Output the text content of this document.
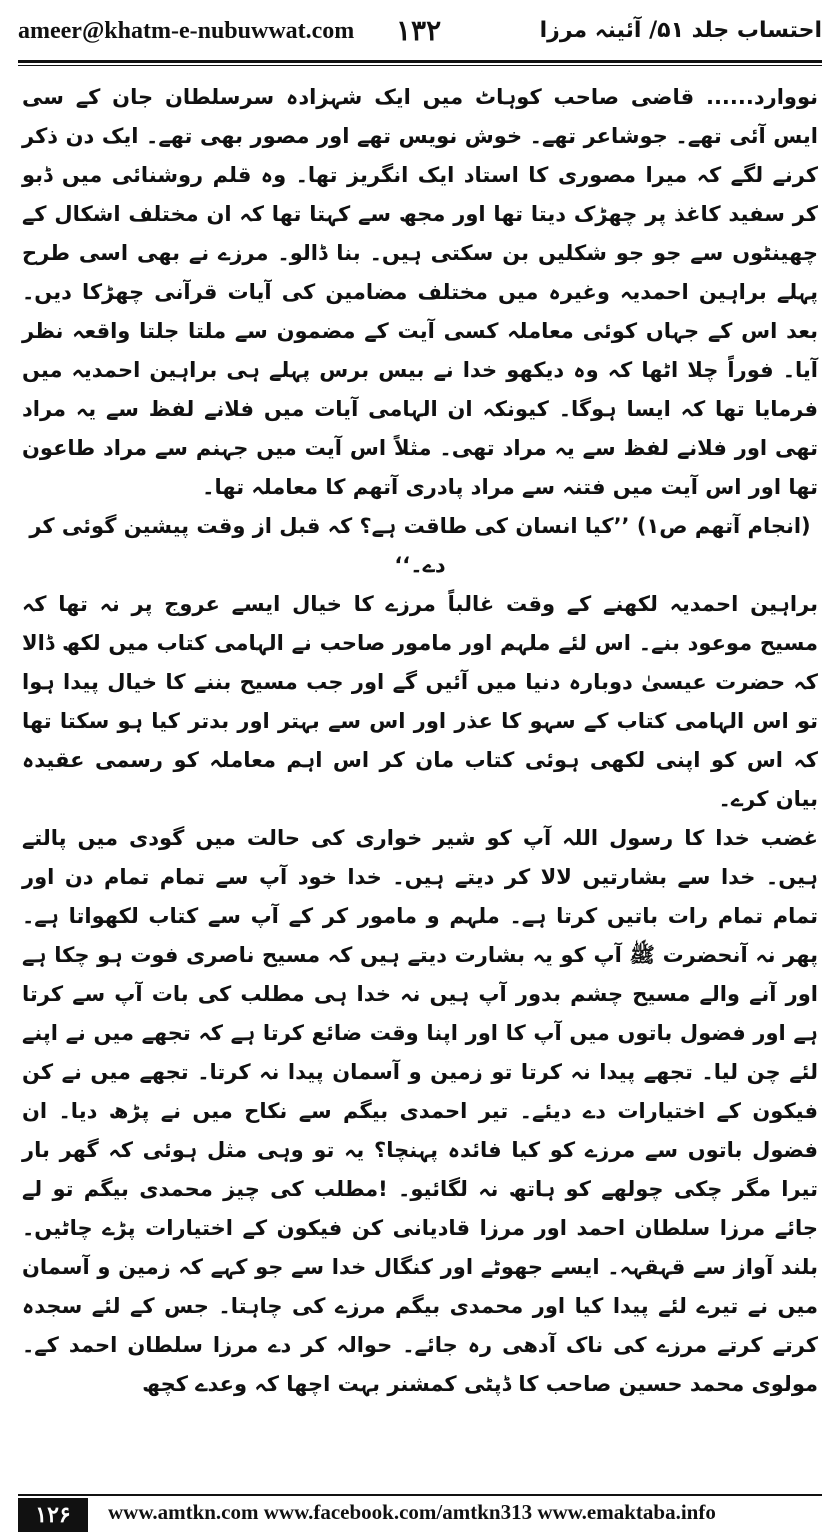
ameer@khatm-e-nubuwwat.com ۱۳۲	احتساب جلد ۵۱/ آئینہ مرزا

نووارد...... قاضی صاحب کوہاٹ میں ایک شہزادہ سرسلطان جان کے سی ایس آئی تھے۔ جوشاعر تھے۔ خوش نویس تھے اور مصور بھی تھے۔ ایک دن ذکر کرنے لگے کہ میرا مصوری کا استاد ایک انگریز تھا۔ وہ قلم روشنائی میں ڈبو کر سفید کاغذ پر چھڑک دیتا تھا اور مجھ سے کہتا تھا کہ ان مختلف اشکال کے چھینٹوں سے جو جو شکلیں بن سکتی ہیں۔ بنا ڈالو۔ مرزے نے بھی اسی طرح پہلے براہین احمدیہ وغیرہ میں مختلف مضامین کی آیات قرآنی چھڑکا دیں۔ بعد اس کے جہاں کوئی معاملہ کسی آیت کے مضمون سے ملتا جلتا واقعہ نظر آیا۔ فوراً چلا اٹھا کہ وہ دیکھو خدا نے بیس برس پہلے ہی براہین احمدیہ میں فرمایا تھا کہ ایسا ہوگا۔ کیونکہ ان الہامی آیات میں فلانے لفظ سے یہ مراد تھی اور فلانے لفظ سے یہ مراد تھی۔ مثلاً اس آیت میں جہنم سے مراد طاعون تھا اور اس آیت میں فتنہ سے مراد پادری آتھم کا معاملہ تھا۔

(انجام آتھم ص۱) ’’کیا انسان کی طاقت ہے؟ کہ قبل از وقت پیشین گوئی کر دے۔‘‘

براہین احمدیہ لکھنے کے وقت غالباً مرزے کا خیال ایسے عروج پر نہ تھا کہ مسیح موعود بنے۔ اس لئے ملہم اور مامور صاحب نے الہامی کتاب میں لکھ ڈالا کہ حضرت عیسیٰ دوبارہ دنیا میں آئیں گے اور جب مسیح بننے کا خیال پیدا ہوا تو اس الہامی کتاب کے سہو کا عذر اور اس سے بہتر اور بدتر کیا ہو سکتا تھا کہ اس کو اپنی لکھی ہوئی کتاب مان کر اس اہم معاملہ کو رسمی عقیدہ بیان کرے۔

غضب خدا کا رسول اللہ آپ کو شیر خواری کی حالت میں گودی میں پالتے ہیں۔ خدا سے بشارتیں لالا کر دیتے ہیں۔ خدا خود آپ سے تمام تمام دن اور تمام تمام رات باتیں کرتا ہے۔ ملہم و مامور کر کے آپ سے کتاب لکھواتا ہے۔ پھر نہ آنحضرت ﷺ آپ کو یہ بشارت دیتے ہیں کہ مسیح ناصری فوت ہو چکا ہے اور آنے والے مسیح چشم بدور آپ ہیں نہ خدا ہی مطلب کی بات آپ سے کرتا ہے اور فضول باتوں میں آپ کا اور اپنا وقت ضائع کرتا ہے کہ تجھے میں نے اپنے لئے چن لیا۔ تجھے پیدا نہ کرتا تو زمین و آسمان پیدا نہ کرتا۔ تجھے میں نے کن فیکون کے اختیارات دے دیئے۔ تیر احمدی بیگم سے نکاح میں نے پڑھ دیا۔ ان فضول باتوں سے مرزے کو کیا فائدہ پہنچا؟ یہ تو وہی مثل ہوئی کہ گھر بار تیرا مگر چکی چولھے کو ہاتھ نہ لگائیو۔ !مطلب کی چیز محمدی بیگم تو لے جائے مرزا سلطان احمد اور مرزا قادیانی کن فیکون کے اختیارات پڑے چاٹیں۔ بلند آواز سے قہقہہ۔ ایسے جھوٹے اور کنگال خدا سے جو کہے کہ زمین و آسمان میں نے تیرے لئے پیدا کیا اور محمدی بیگم مرزے کی چاہتا۔ جس کے لئے سجدہ کرتے کرتے مرزے کی ناک آدھی رہ جائے۔ حوالہ کر دے مرزا سلطان احمد کے۔ مولوی محمد حسین صاحب کا ڈپٹی کمشنر بہت اچھا کہ وعدے کچھ

۱۲۶	www.amtkn.com www.facebook.com/amtkn313 www.emaktaba.info
